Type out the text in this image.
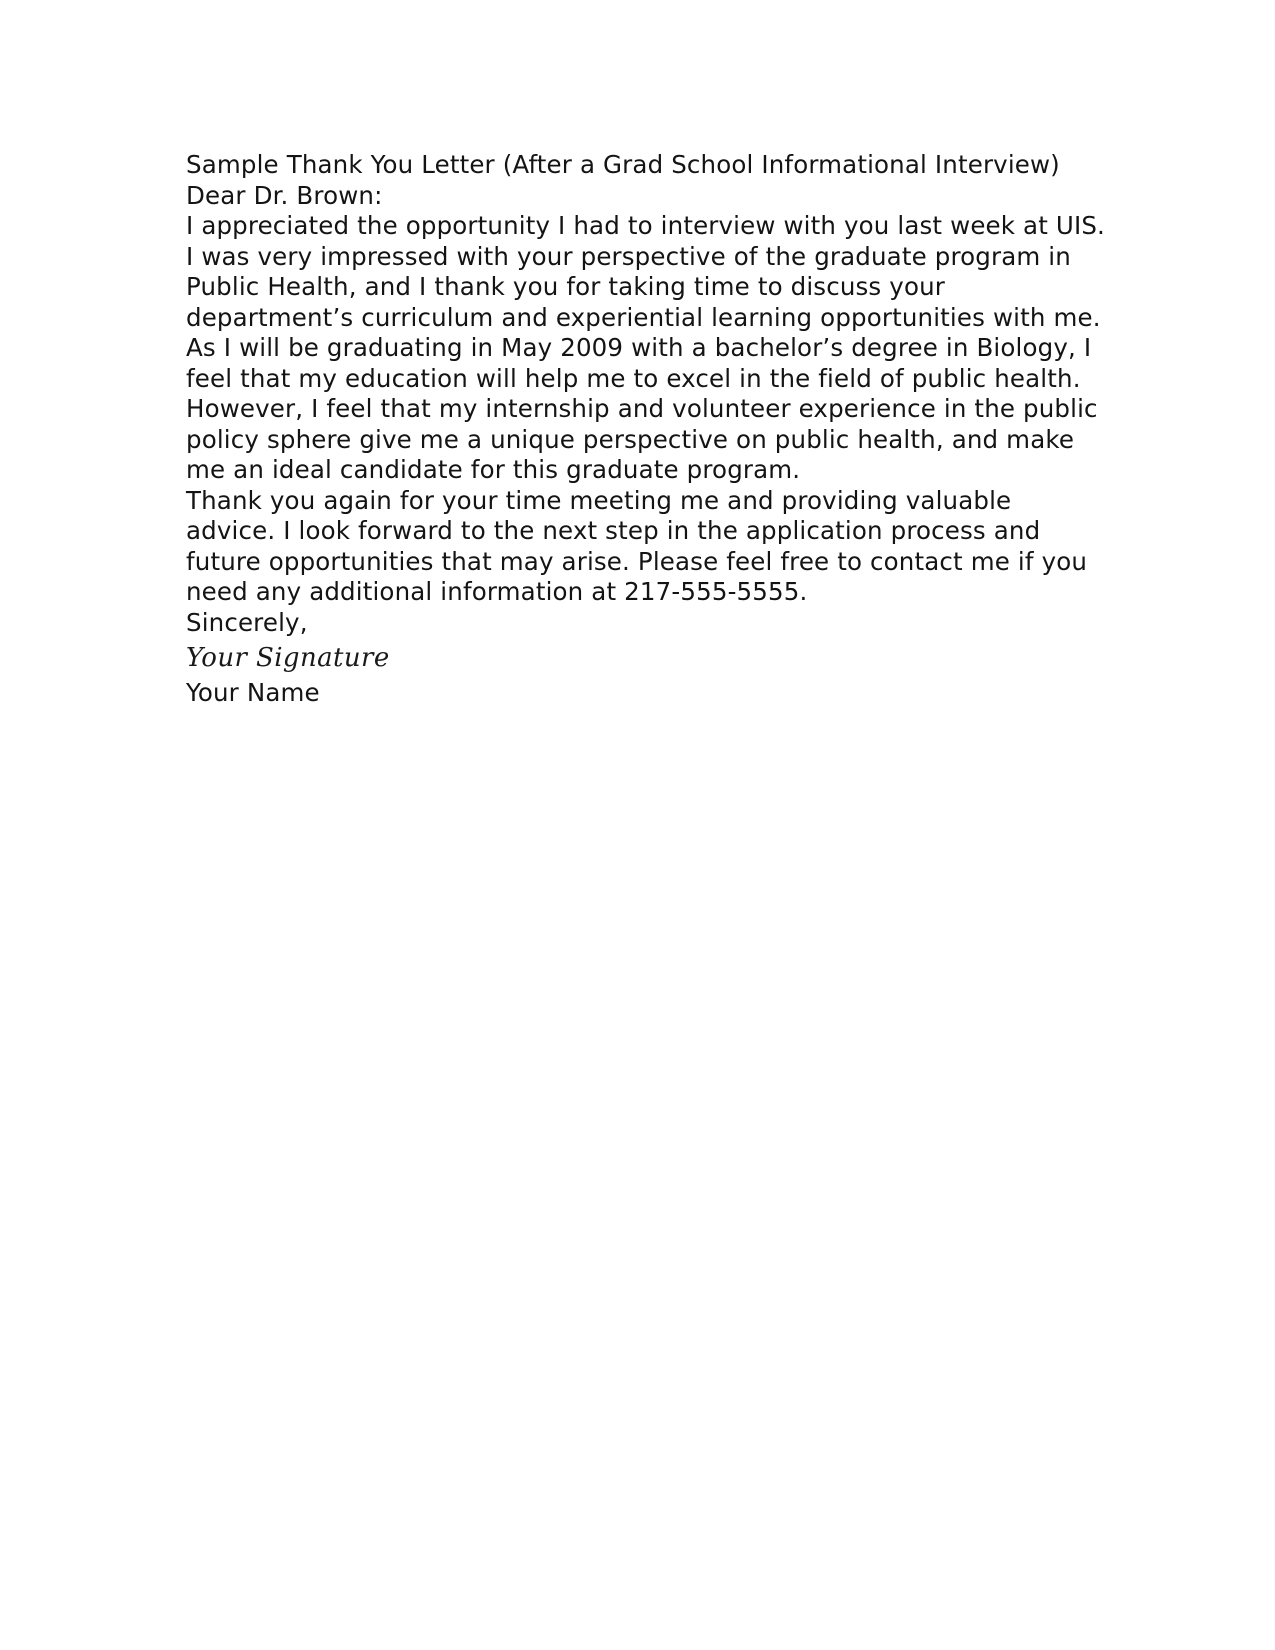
Sample Thank You Letter (After a Grad School Informational Interview)

Dear Dr. Brown:

I appreciated the opportunity I had to interview with you last week at UIS. I was very impressed with your perspective of the graduate program in Public Health, and I thank you for taking time to discuss your department’s curriculum and experiential learning opportunities with me.

As I will be graduating in May 2009 with a bachelor’s degree in Biology, I feel that my education will help me to excel in the field of public health. However, I feel that my internship and volunteer experience in the public policy sphere give me a unique perspective on public health, and make me an ideal candidate for this graduate program.

Thank you again for your time meeting me and providing valuable advice. I look forward to the next step in the application process and future opportunities that may arise. Please feel free to contact me if you need any additional information at 217-555-5555.

Sincerely,

Your Signature

Your Name
